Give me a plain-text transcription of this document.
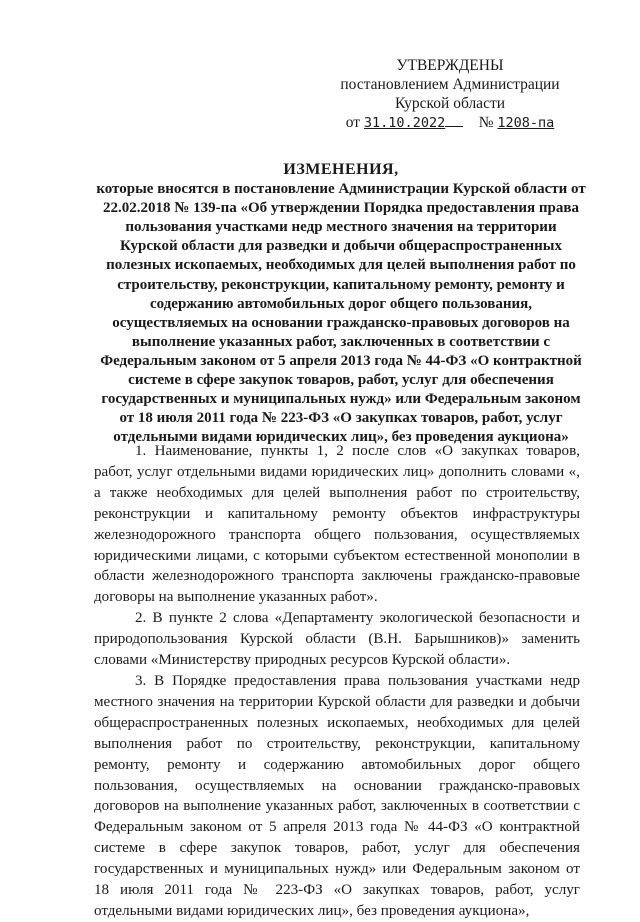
УТВЕРЖДЕНЫ
постановлением Администрации
Курской области
от 31.10.2022 № 1208-па
ИЗМЕНЕНИЯ,
которые вносятся в постановление Администрации Курской области от 22.02.2018 № 139-па «Об утверждении Порядка предоставления права пользования участками недр местного значения на территории Курской области для разведки и добычи общераспространенных полезных ископаемых, необходимых для целей выполнения работ по строительству, реконструкции, капитальному ремонту, ремонту и содержанию автомобильных дорог общего пользования, осуществляемых на основании гражданско-правовых договоров на выполнение указанных работ, заключенных в соответствии с Федеральным законом от 5 апреля 2013 года № 44-ФЗ «О контрактной системе в сфере закупок товаров, работ, услуг для обеспечения государственных и муниципальных нужд» или Федеральным законом от 18 июля 2011 года № 223-ФЗ «О закупках товаров, работ, услуг отдельными видами юридических лиц», без проведения аукциона»

1. Наименование, пункты 1, 2 после слов «О закупках товаров, работ, услуг отдельными видами юридических лиц» дополнить словами «, а также необходимых для целей выполнения работ по строительству, реконструкции и капитальному ремонту объектов инфраструктуры железнодорожного транспорта общего пользования, осуществляемых юридическими лицами, с которыми субъектом естественной монополии в области железнодорожного транспорта заключены гражданско-правовые договоры на выполнение указанных работ».

2. В пункте 2 слова «Департаменту экологической безопасности и природопользования Курской области (В.Н. Барышников)» заменить словами «Министерству природных ресурсов Курской области».

3. В Порядке предоставления права пользования участками недр местного значения на территории Курской области для разведки и добычи общераспространенных полезных ископаемых, необходимых для целей выполнения работ по строительству, реконструкции, капитальному ремонту, ремонту и содержанию автомобильных дорог общего пользования, осуществляемых на основании гражданско-правовых договоров на выполнение указанных работ, заключенных в соответствии с Федеральным законом от 5 апреля 2013 года № 44-ФЗ «О контрактной системе в сфере закупок товаров, работ, услуг для обеспечения государственных и муниципальных нужд» или Федеральным законом от 18 июля 2011 года № 223-ФЗ «О закупках товаров, работ, услуг отдельными видами юридических лиц», без проведения аукциона»,
